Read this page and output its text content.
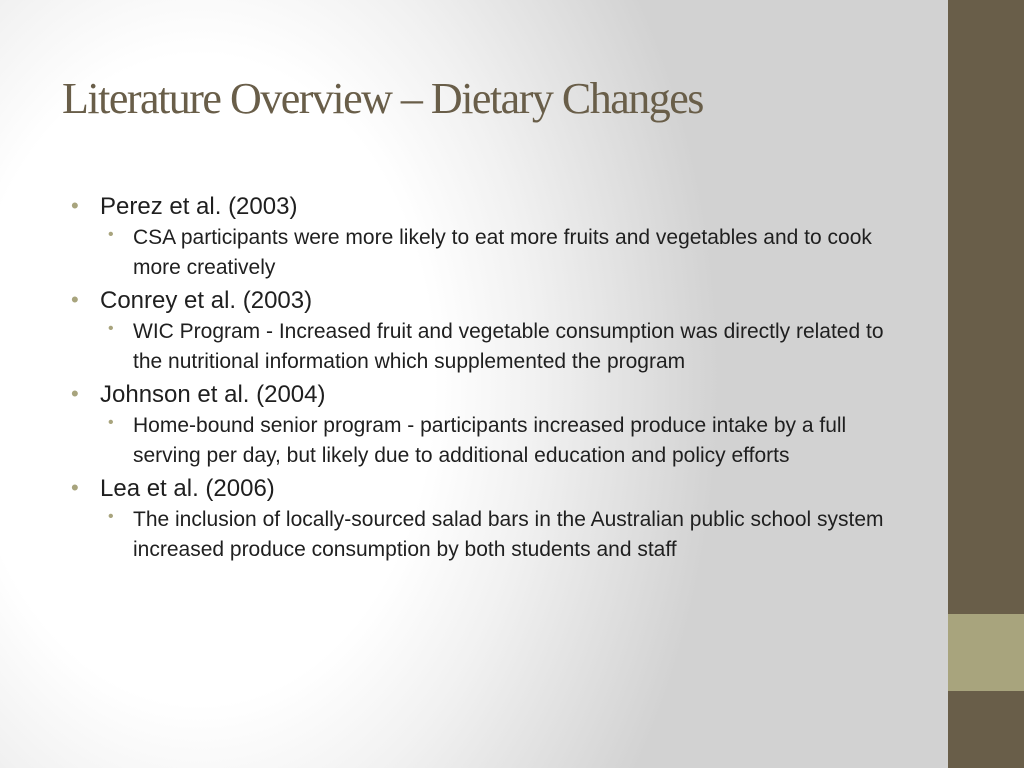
Literature Overview – Dietary Changes
• Perez et al. (2003)
• CSA participants were more likely to eat more fruits and vegetables and to cook more creatively
• Conrey et al. (2003)
• WIC Program - Increased fruit and vegetable consumption was directly related to the nutritional information which supplemented the program
• Johnson et al. (2004)
• Home-bound senior program - participants increased produce intake by a full serving per day, but likely due to additional education and policy efforts
• Lea et al. (2006)
• The inclusion of locally-sourced salad bars in the Australian public school system increased produce consumption by both students and staff
